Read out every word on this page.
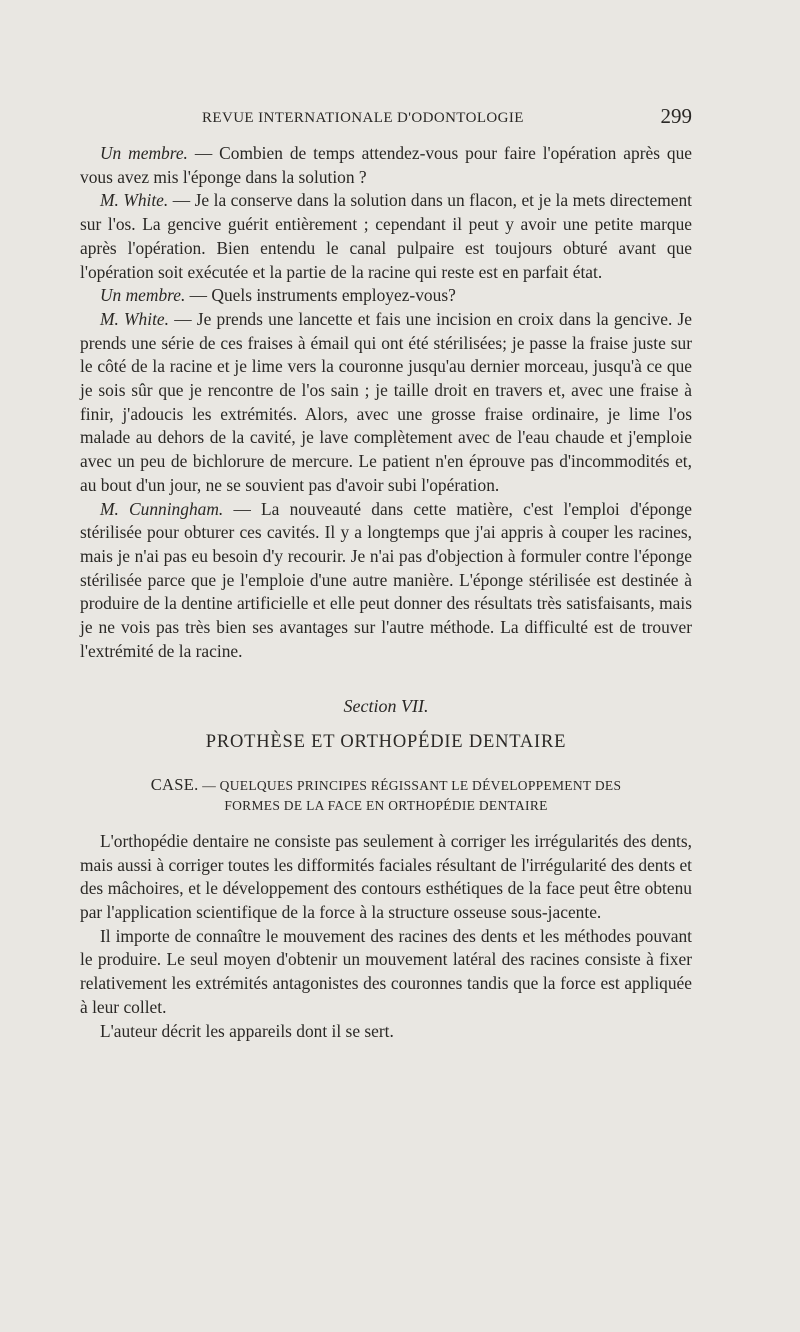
REVUE INTERNATIONALE D'ODONTOLOGIE	299

Un membre. — Combien de temps attendez-vous pour faire l'opération après que vous avez mis l'éponge dans la solution ?

M. White. — Je la conserve dans la solution dans un flacon, et je la mets directement sur l'os. La gencive guérit entièrement ; cependant il peut y avoir une petite marque après l'opération. Bien entendu le canal pulpaire est toujours obturé avant que l'opération soit exécutée et la partie de la racine qui reste est en parfait état.

Un membre. — Quels instruments employez-vous?

M. White. — Je prends une lancette et fais une incision en croix dans la gencive. Je prends une série de ces fraises à émail qui ont été stérilisées; je passe la fraise juste sur le côté de la racine et je lime vers la couronne jusqu'au dernier morceau, jusqu'à ce que je sois sûr que je rencontre de l'os sain ; je taille droit en travers et, avec une fraise à finir, j'adoucis les extrémités. Alors, avec une grosse fraise ordinaire, je lime l'os malade au dehors de la cavité, je lave complètement avec de l'eau chaude et j'emploie avec un peu de bichlorure de mercure. Le patient n'en éprouve pas d'incommodités et, au bout d'un jour, ne se souvient pas d'avoir subi l'opération.

M. Cunningham. — La nouveauté dans cette matière, c'est l'emploi d'éponge stérilisée pour obturer ces cavités. Il y a longtemps que j'ai appris à couper les racines, mais je n'ai pas eu besoin d'y recourir. Je n'ai pas d'objection à formuler contre l'éponge stérilisée parce que je l'emploie d'une autre manière. L'éponge stérilisée est destinée à produire de la dentine artificielle et elle peut donner des résultats très satisfaisants, mais je ne vois pas très bien ses avantages sur l'autre méthode. La difficulté est de trouver l'extrémité de la racine.

Section VII.
PROTHÈSE ET ORTHOPÉDIE DENTAIRE
CASE. — QUELQUES PRINCIPES RÉGISSANT LE DÉVELOPPEMENT DES
FORMES DE LA FACE EN ORTHOPÉDIE DENTAIRE

L'orthopédie dentaire ne consiste pas seulement à corriger les irrégularités des dents, mais aussi à corriger toutes les difformités faciales résultant de l'irrégularité des dents et des mâchoires, et le développement des contours esthétiques de la face peut être obtenu par l'application scientifique de la force à la structure osseuse sous-jacente.

Il importe de connaître le mouvement des racines des dents et les méthodes pouvant le produire. Le seul moyen d'obtenir un mouvement latéral des racines consiste à fixer relativement les extrémités antagonistes des couronnes tandis que la force est appliquée à leur collet.

L'auteur décrit les appareils dont il se sert.
